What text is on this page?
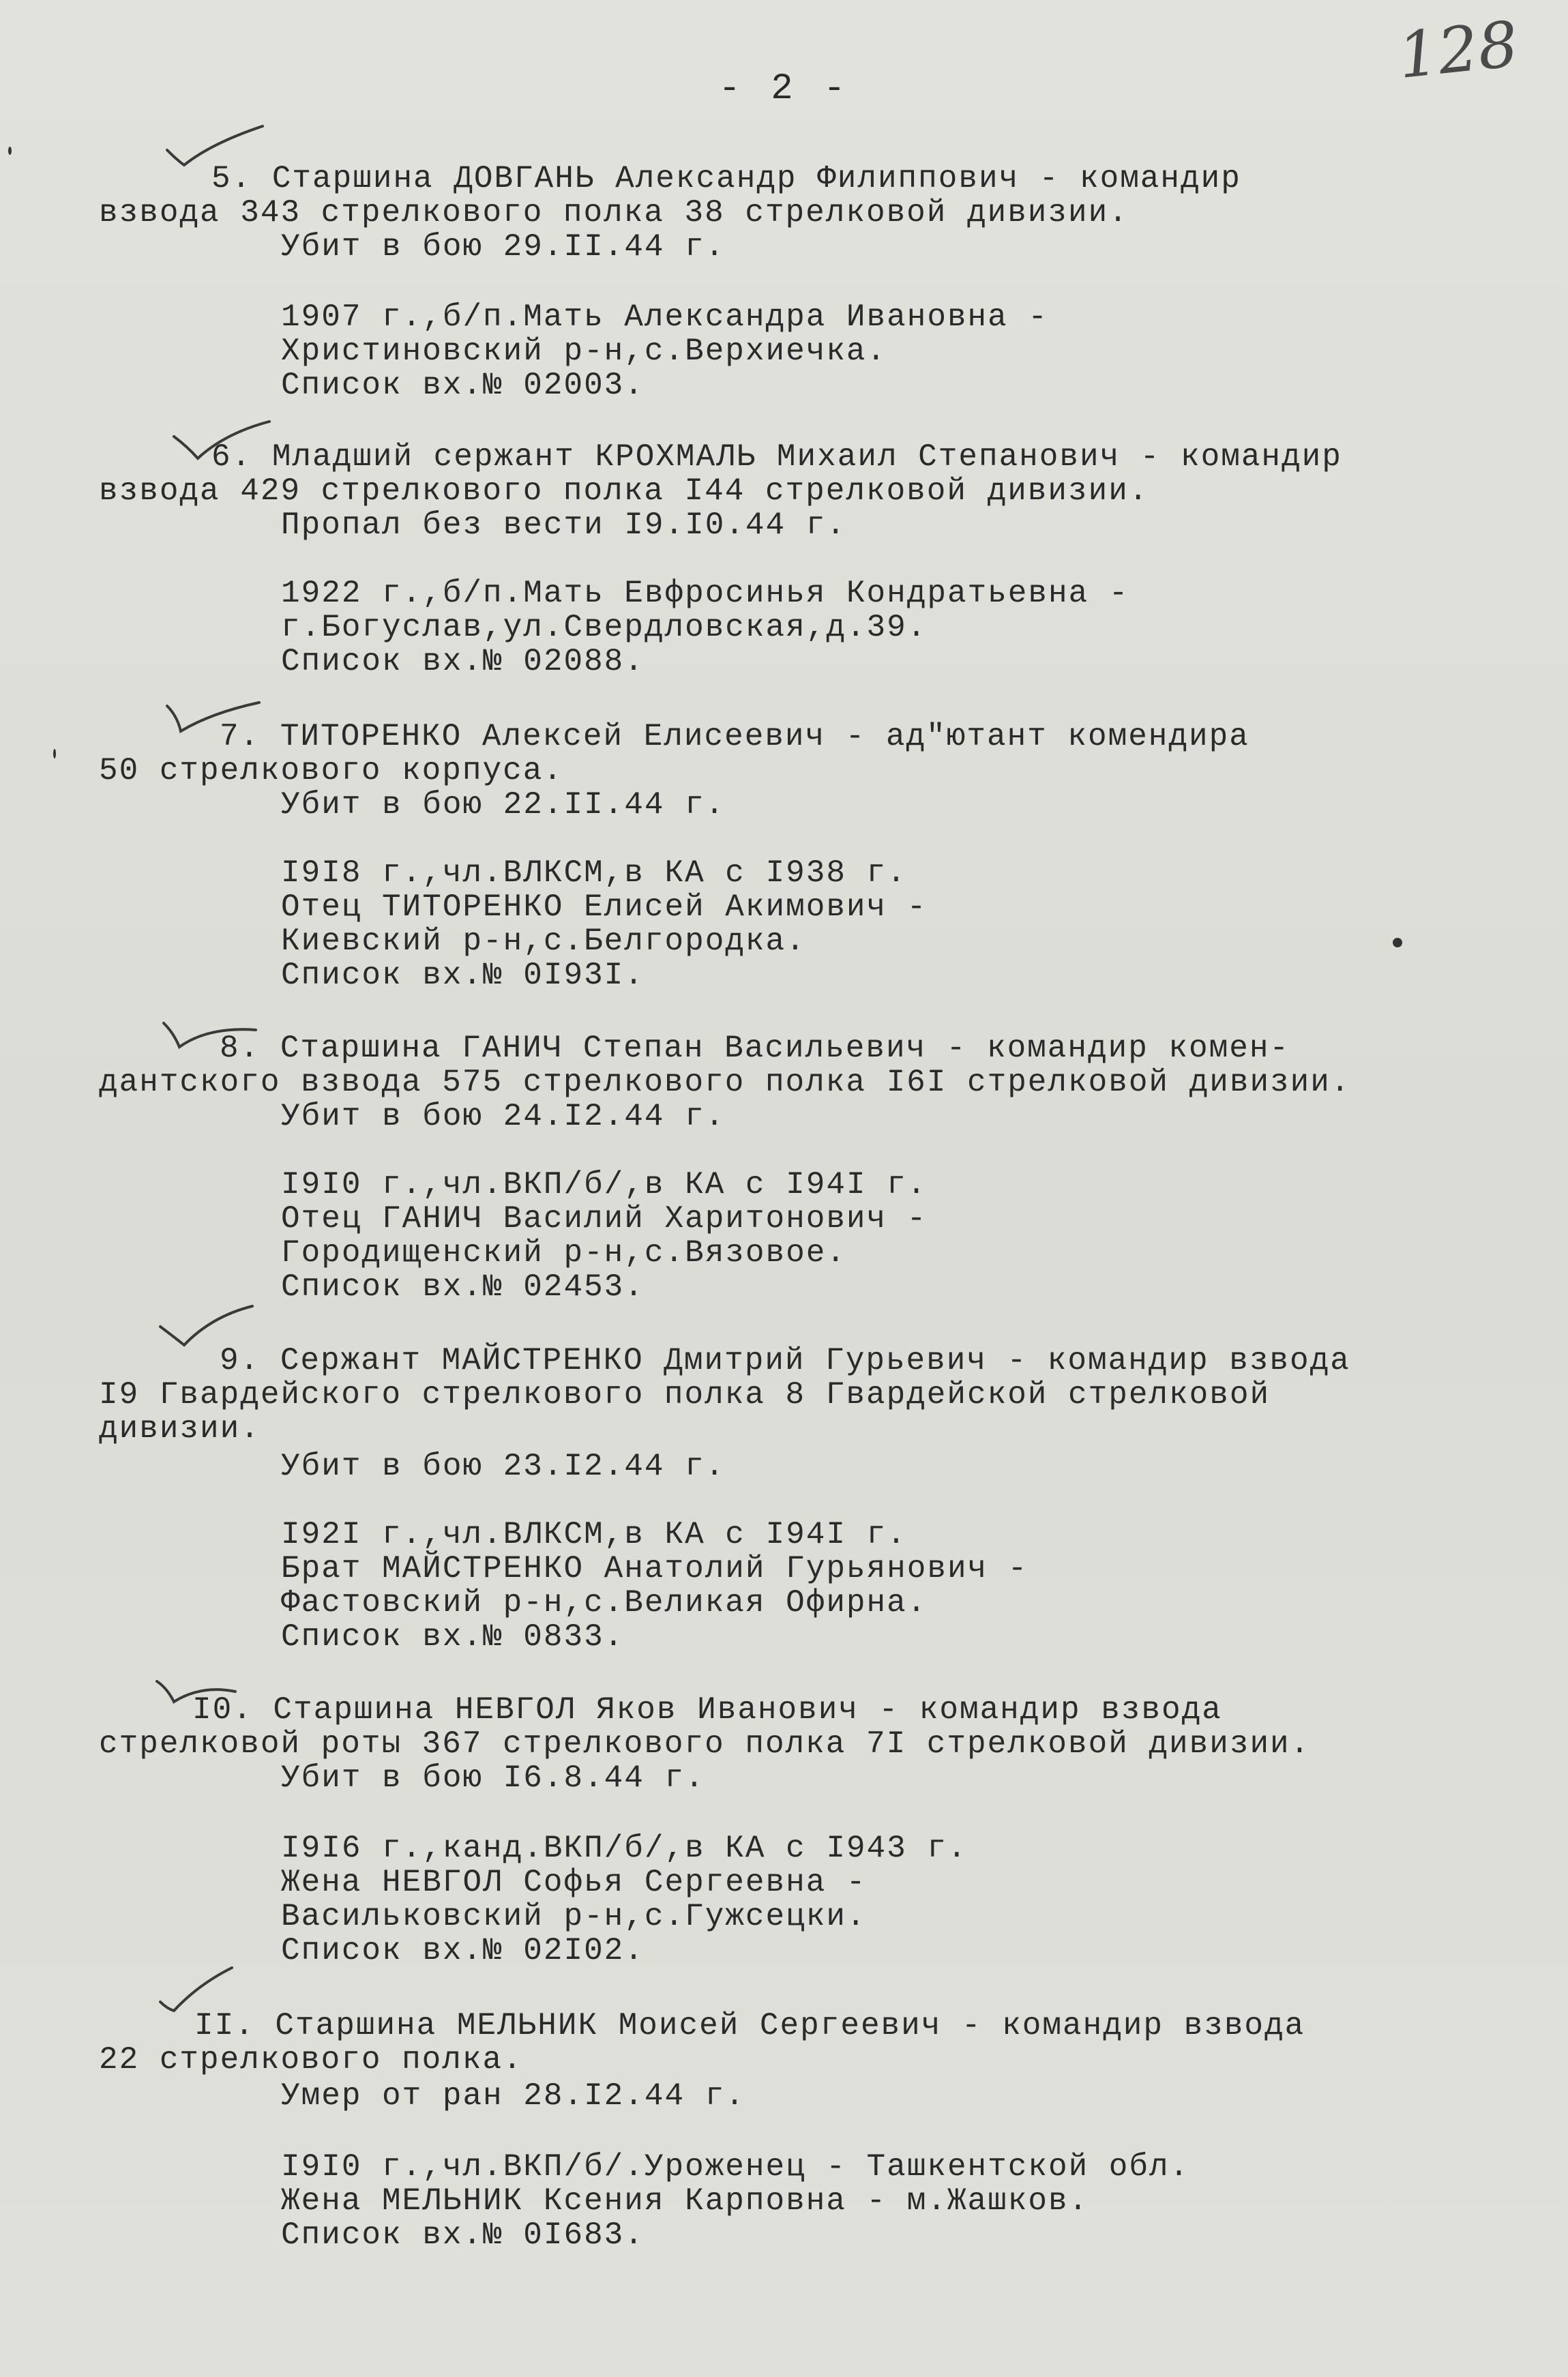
128
- 2 -
5. Старшина ДОВГАНЬ Александр Филиппович - командир
взвода 343 стрелкового полка 38 стрелковой дивизии.
Убит в бою 29.II.44 г.
1907 г.,б/п.Мать Александра Ивановна -
Христиновский р-н,с.Верхиечка.
Список вх.№ 02003.
6. Младший сержант КРОХМАЛЬ Михаил Степанович - командир
взвода 429 стрелкового полка I44 стрелковой дивизии.
Пропал без вести I9.I0.44 г.
1922 г.,б/п.Мать Евфросинья Кондратьевна -
г.Богуслав,ул.Свердловская,д.39.
Список вх.№ 02088.
7. ТИТОРЕНКО Алексей Елисеевич - ад"ютант комендира
50 стрелкового корпуса.
Убит в бою 22.II.44 г.
I9I8 г.,чл.ВЛКСМ,в КА с I938 г.
Отец ТИТОРЕНКО Елисей Акимович -
Киевский р-н,с.Белгородка.
Список вх.№ 0I93I.
8. Старшина ГАНИЧ Степан Васильевич - командир комен-
дантского взвода 575 стрелкового полка I6I стрелковой дивизии.
Убит в бою 24.I2.44 г.
I9I0 г.,чл.ВКП/б/,в КА с I94I г.
Отец ГАНИЧ Василий Харитонович -
Городищенский р-н,с.Вязовое.
Список вх.№ 02453.
9. Сержант МАЙСТРЕНКО Дмитрий Гурьевич - командир взвода
I9 Гвардейского стрелкового полка 8 Гвардейской стрелковой
дивизии.
Убит в бою 23.I2.44 г.
I92I г.,чл.ВЛКСМ,в КА с I94I г.
Брат МАЙСТРЕНКО Анатолий Гурьянович -
Фастовский р-н,с.Великая Офирна.
Список вх.№ 0833.
I0. Старшина НЕВГОЛ Яков Иванович - командир взвода
стрелковой роты 367 стрелкового полка 7I стрелковой дивизии.
Убит в бою I6.8.44 г.
I9I6 г.,канд.ВКП/б/,в КА с I943 г.
Жена НЕВГОЛ Софья Сергеевна -
Васильковский р-н,с.Гужсецки.
Список вх.№ 02I02.
II. Старшина МЕЛЬНИК Моисей Сергеевич - командир взвода
22 стрелкового полка.
Умер от ран 28.I2.44 г.
I9I0 г.,чл.ВКП/б/.Уроженец - Ташкентской обл.
Жена МЕЛЬНИК Ксения Карповна - м.Жашков.
Список вх.№ 0I683.
